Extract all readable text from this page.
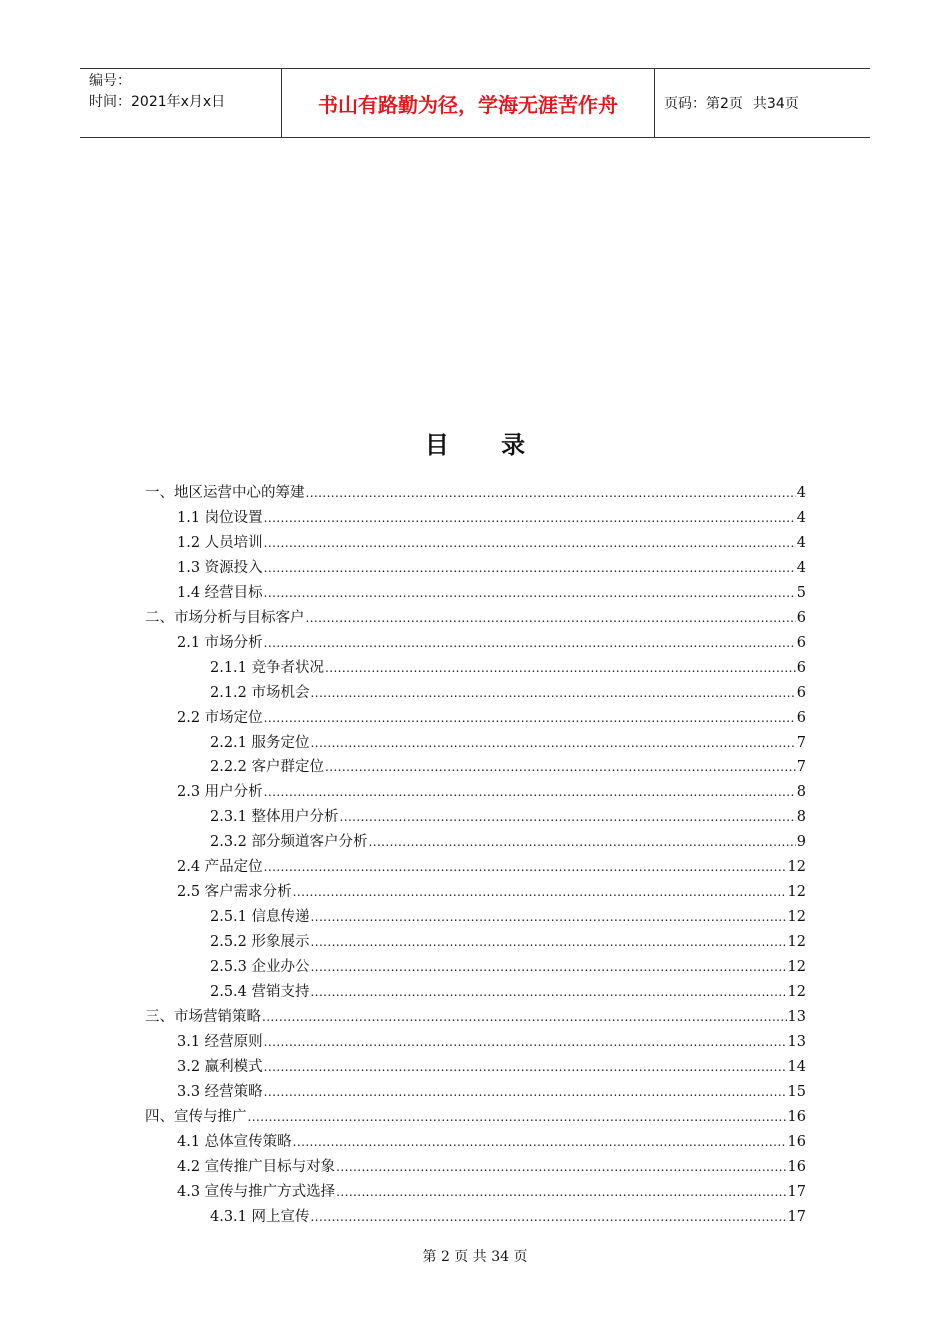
编号：
时间：2021年x月x日	书山有路勤为径，学海无涯苦作舟	页码：第2页 共34页
目 录
一、地区运营中心的筹建 .....	4
1.1 岗位设置 .....	4
1.2 人员培训 .....	4
1.3 资源投入 .....	4
1.4 经营目标 .....	5
二、市场分析与目标客户 .....	6
2.1 市场分析 .....	6
2.1.1 竞争者状况 .....	6
2.1.2 市场机会 .....	6
2.2 市场定位 .....	6
2.2.1 服务定位 .....	7
2.2.2 客户群定位 .....	7
2.3 用户分析 .....	8
2.3.1 整体用户分析 .....	8
2.3.2 部分频道客户分析 .....	9
2.4 产品定位 .....	12
2.5 客户需求分析 .....	12
2.5.1 信息传递 .....	12
2.5.2 形象展示 .....	12
2.5.3 企业办公 .....	12
2.5.4 营销支持 .....	12
三、市场营销策略 .....	13
3.1 经营原则 .....	13
3.2 赢利模式 .....	14
3.3 经营策略 .....	15
四、宣传与推广 .....	16
4.1 总体宣传策略 .....	16
4.2 宣传推广目标与对象 .....	16
4.3 宣传与推广方式选择 .....	17
4.3.1 网上宣传 .....	17
第 2 页 共 34 页
